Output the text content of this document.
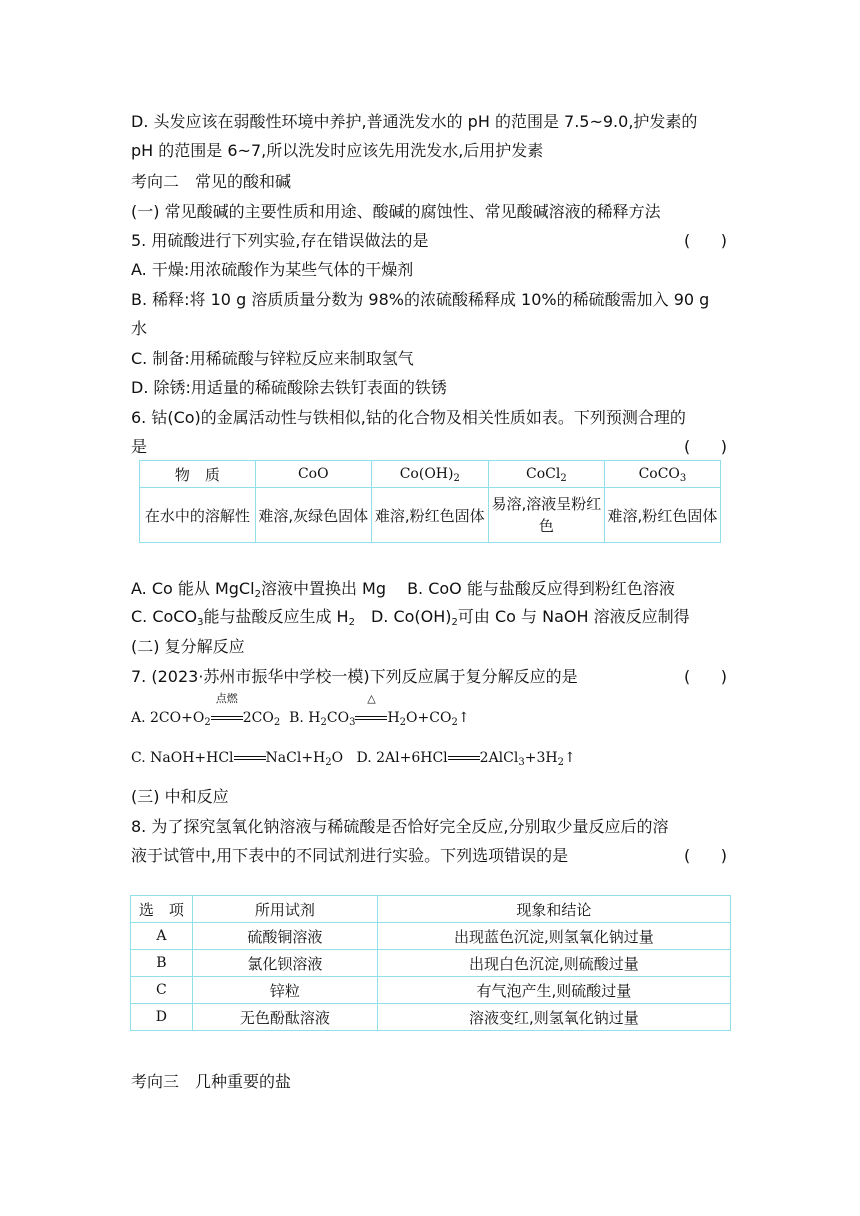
D. 头发应该在弱酸性环境中养护,普通洗发水的 pH 的范围是 7.5~9.0,护发素的
pH 的范围是 6~7,所以洗发时应该先用洗发水,后用护发素
考向二　常见的酸和碱
(一) 常见酸碱的主要性质和用途、酸碱的腐蚀性、常见酸碱溶液的稀释方法
5. 用硫酸进行下列实验,存在错误做法的是	(      )
A. 干燥:用浓硫酸作为某些气体的干燥剂
B. 稀释:将 10 g 溶质质量分数为 98%的浓硫酸稀释成 10%的稀硫酸需加入 90 g
水
C. 制备:用稀硫酸与锌粒反应来制取氢气
D. 除锈:用适量的稀硫酸除去铁钉表面的铁锈
6. 钴(Co)的金属活动性与铁相似,钴的化合物及相关性质如表。下列预测合理的
是	(      )
物　质	CoO	$Co(OH)_2$	CoCl$_2$	CoCO$_3$
在水中的溶解性	难溶,灰绿色固体	难溶,粉红色固体	易溶,溶液呈粉红
色	难溶,粉红色固体
A. Co 能从 MgCl$_2$溶液中置换出 Mg　 B. CoO 能与盐酸反应得到粉红色溶液
C. CoCO$_3$能与盐酸反应生成 $H_2$　D. $Co(OH)_2$可由 Co 与 NaOH 溶液反应制得
(二) 复分解反应
7. (2023·苏州市振华中学校一模)下列反应属于复分解反应的是	(      )
A. $2CO+O_2$
点燃
$2CO_2$ B. $H_2CO_3$
△
$H_2O+CO_2↑$
C. NaOH+HCl $NaCl+H_2O$ D. 2Al+6HCl $2AlCl_3+3H_2↑$
(三) 中和反应
8. 为了探究氢氧化钠溶液与稀硫酸是否恰好完全反应,分别取少量反应后的溶
液于试管中,用下表中的不同试剂进行实验。下列选项错误的是	(      )
选　项	所用试剂	现象和结论
A	硫酸铜溶液	出现蓝色沉淀,则氢氧化钠过量
B	氯化钡溶液	出现白色沉淀,则硫酸过量
C	锌粒	有气泡产生,则硫酸过量
D	无色酚酞溶液	溶液变红,则氢氧化钠过量
考向三　几种重要的盐
